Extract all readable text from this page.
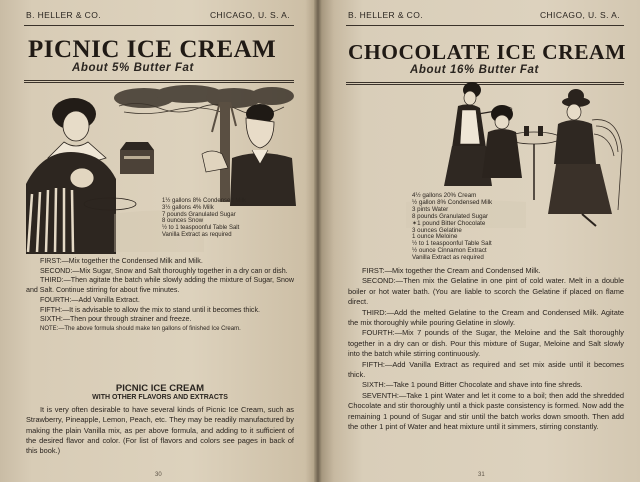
B. HELLER & CO.	CHICAGO, U. S. A.
PICNIC ICE CREAM
About 5% Butter Fat
1½ gallons 8% Condensed Milk
3½ gallons 4% Milk
7 pounds Granulated Sugar
8 ounces Snow
½ to 1 teaspoonful Table Salt
Vanilla Extract as required

FIRST:—Mix together the Condensed Milk and Milk.

SECOND:—Mix Sugar, Snow and Salt thoroughly together in a dry can or dish.

THIRD:—Then agitate the batch while slowly adding the mixture of Sugar, Snow and Salt. Continue stirring for about five minutes.

FOURTH:—Add Vanilla Extract.

FIFTH:—It is advisable to allow the mix to stand until it becomes thick.

SIXTH:—Then pour through strainer and freeze.

NOTE:—The above formula should make ten gallons of finished Ice Cream.

PICNIC ICE CREAM
WITH OTHER FLAVORS AND EXTRACTS

It is very often desirable to have several kinds of Picnic Ice Cream, such as Strawberry, Pineapple, Lemon, Peach, etc. They may be readily manufactured by making the plain Vanilla mix, as per above formula, and adding to it sufficient of the desired flavor and color. (For list of flavors and colors see pages in back of this book.)

30
B. HELLER & CO.	CHICAGO, U. S. A.
CHOCOLATE ICE CREAM
About 16% Butter Fat
4½ gallons 20% Cream
½ gallon 8% Condensed Milk
3 pints Water
8 pounds Granulated Sugar
✶1 pound Bitter Chocolate
3 ounces Gelatine
1 ounce Meloine
½ to 1 teaspoonful Table Salt
½ ounce Cinnamon Extract
Vanilla Extract as required

FIRST:—Mix together the Cream and Condensed Milk.

SECOND:—Then mix the Gelatine in one pint of cold water. Melt in a double boiler or hot water bath. (You are liable to scorch the Gelatine if placed on flame direct.

THIRD:—Add the melted Gelatine to the Cream and Condensed Milk. Agitate the mix thoroughly while pouring Gelatine in slowly.

FOURTH:—Mix 7 pounds of the Sugar, the Meloine and the Salt thoroughly together in a dry can or dish. Pour this mixture of Sugar, Meloine and Salt slowly into the batch while stirring continuously.

FIFTH:—Add Vanilla Extract as required and set mix aside until it becomes thick.

SIXTH:—Take 1 pound Bitter Chocolate and shave into fine shreds.

SEVENTH:—Take 1 pint Water and let it come to a boil; then add the shredded Chocolate and stir thoroughly until a thick paste consistency is formed. Now add the remaining 1 pound of Sugar and stir until the batch works down smooth. Then add the other 1 pint of Water and heat mixture until it simmers, stirring constantly.

31
